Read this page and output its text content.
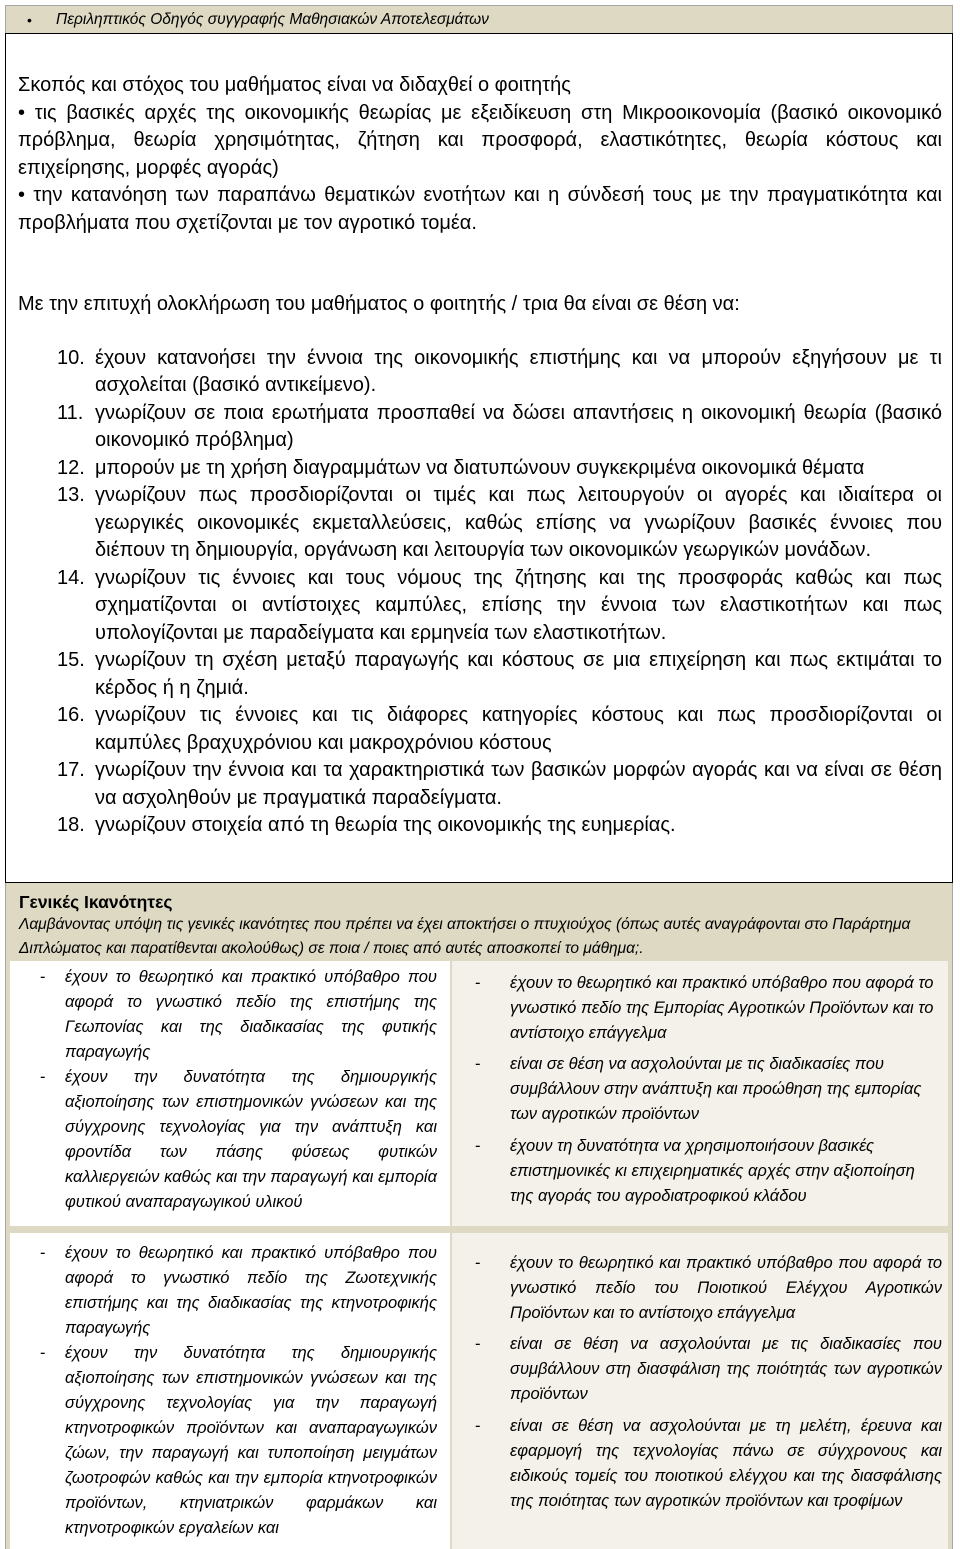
•	Περιληπτικός Οδηγός συγγραφής Μαθησιακών Αποτελεσμάτων

Σκοπός και στόχος του μαθήματος είναι να διδαχθεί ο φοιτητής

• τις βασικές αρχές της οικονομικής θεωρίας με εξειδίκευση στη Μικροοικονομία (βασικό οικονομικό πρόβλημα, θεωρία χρησιμότητας, ζήτηση και προσφορά, ελαστικότητες, θεωρία κόστους και επιχείρησης, μορφές αγοράς)

• την κατανόηση των παραπάνω θεματικών ενοτήτων και η σύνδεσή τους με την πραγματικότητα και προβλήματα που σχετίζονται με τον αγροτικό τομέα.

Με την επιτυχή ολοκλήρωση του μαθήματος ο φοιτητής / τρια θα είναι σε θέση να:

10. έχουν κατανοήσει την έννοια της οικονομικής επιστήμης και να μπορούν εξηγήσουν με τι ασχολείται (βασικό αντικείμενο).
11. γνωρίζουν σε ποια ερωτήματα προσπαθεί να δώσει απαντήσεις η οικονομική θεωρία (βασικό οικονομικό πρόβλημα)
12. μπορούν με τη χρήση διαγραμμάτων να διατυπώνουν συγκεκριμένα οικονομικά θέματα
13. γνωρίζουν πως προσδιορίζονται οι τιμές και πως λειτουργούν οι αγορές και ιδιαίτερα οι γεωργικές οικονομικές εκμεταλλεύσεις, καθώς επίσης να γνωρίζουν βασικές έννοιες που διέπουν τη δημιουργία, οργάνωση και λειτουργία των οικονομικών γεωργικών μονάδων.
14. γνωρίζουν τις έννοιες και τους νόμους της ζήτησης και της προσφοράς καθώς και πως σχηματίζονται οι αντίστοιχες καμπύλες, επίσης την έννοια των ελαστικοτήτων και πως υπολογίζονται με παραδείγματα και ερμηνεία των ελαστικοτήτων.
15. γνωρίζουν τη σχέση μεταξύ παραγωγής και κόστους σε μια επιχείρηση και πως εκτιμάται το κέρδος ή η ζημιά.
16. γνωρίζουν τις έννοιες και τις διάφορες κατηγορίες κόστους και πως προσδιορίζονται οι καμπύλες βραχυχρόνιου και μακροχρόνιου κόστους
17. γνωρίζουν την έννοια και τα χαρακτηριστικά των βασικών μορφών αγοράς και να είναι σε θέση να ασχοληθούν με πραγματικά παραδείγματα.
18. γνωρίζουν στοιχεία από τη θεωρία της οικονομικής της ευημερίας.

Γενικές Ικανότητες

Λαμβάνοντας υπόψη τις γενικές ικανότητες που πρέπει να έχει αποκτήσει ο πτυχιούχος (όπως αυτές αναγράφονται στο Παράρτημα Διπλώματος και παρατίθενται ακολούθως) σε ποια / ποιες από αυτές αποσκοπεί το μάθημα;.

-	έχουν το θεωρητικό και πρακτικό υπόβαθρο που αφορά το γνωστικό πεδίο της επιστήμης της Γεωπονίας και της διαδικασίας της φυτικής παραγωγής
-	έχουν την δυνατότητα της δημιουργικής αξιοποίησης των επιστημονικών γνώσεων και της σύγχρονης τεχνολογίας για την ανάπτυξη και φροντίδα των πάσης φύσεως φυτικών καλλιεργειών καθώς και την παραγωγή και εμπορία φυτικού αναπαραγωγικού υλικού
-	έχουν το θεωρητικό και πρακτικό υπόβαθρο που αφορά το γνωστικό πεδίο της Εμπορίας Αγροτικών Προϊόντων και το αντίστοιχο επάγγελμα
-	είναι σε θέση να ασχολούνται με τις διαδικασίες που συμβάλλουν στην ανάπτυξη και προώθηση της εμπορίας των αγροτικών προϊόντων
-	έχουν τη δυνατότητα να χρησιμοποιήσουν βασικές επιστημονικές κι επιχειρηματικές αρχές στην αξιοποίηση της αγοράς του αγροδιατροφικού κλάδου
-	έχουν το θεωρητικό και πρακτικό υπόβαθρο που αφορά το γνωστικό πεδίο της Ζωοτεχνικής επιστήμης και της διαδικασίας της κτηνοτροφικής παραγωγής
-	έχουν την δυνατότητα της δημιουργικής αξιοποίησης των επιστημονικών γνώσεων και της σύγχρονης τεχνολογίας για την παραγωγή κτηνοτροφικών προϊόντων και αναπαραγωγικών ζώων, την παραγωγή και τυποποίηση μειγμάτων ζωοτροφών καθώς και την εμπορία κτηνοτροφικών προϊόντων, κτηνιατρικών φαρμάκων και κτηνοτροφικών εργαλείων και
-	έχουν το θεωρητικό και πρακτικό υπόβαθρο που αφορά το γνωστικό πεδίο του Ποιοτικού Ελέγχου Αγροτικών Προϊόντων και το αντίστοιχο επάγγελμα
-	είναι σε θέση να ασχολούνται με τις διαδικασίες που συμβάλλουν στη διασφάλιση της ποιότητάς των αγροτικών προϊόντων
-	είναι σε θέση να ασχολούνται με τη μελέτη, έρευνα και εφαρμογή της τεχνολογίας πάνω σε σύγχρονους και ειδικούς τομείς του ποιοτικού ελέγχου και της διασφάλισης της ποιότητας των αγροτικών προϊόντων και τροφίμων
